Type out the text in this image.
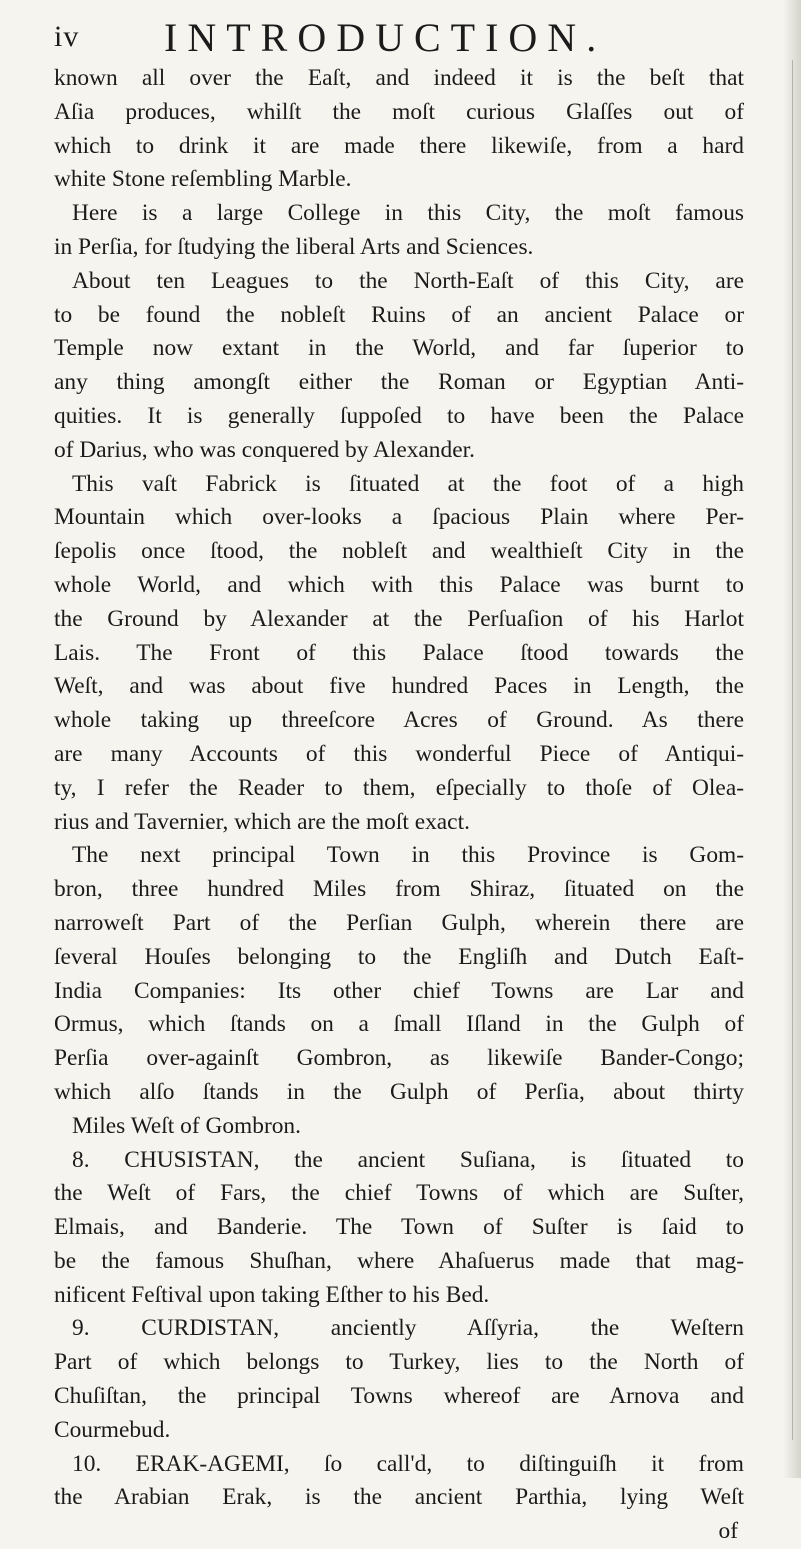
iv INTRODUCTION.
known all over the Eaſt, and indeed it is the beſt that
Aſia produces, whilſt the moſt curious Glaſſes out of
which to drink it are made there likewiſe, from a hard
white Stone reſembling Marble.
Here is a large College in this City, the moſt famous
in Perſia, for ſtudying the liberal Arts and Sciences.
About ten Leagues to the North-Eaſt of this City, are
to be found the nobleſt Ruins of an ancient Palace or
Temple now extant in the World, and far ſuperior to
any thing amongſt either the Roman or Egyptian Anti-
quities. It is generally ſuppoſed to have been the Palace
of Darius, who was conquered by Alexander.
This vaſt Fabrick is ſituated at the foot of a high
Mountain which over-looks a ſpacious Plain where Per-
ſepolis once ſtood, the nobleſt and wealthieſt City in the
whole World, and which with this Palace was burnt to
the Ground by Alexander at the Perſuaſion of his Harlot
Lais. The Front of this Palace ſtood towards the
Weſt, and was about five hundred Paces in Length, the
whole taking up threeſcore Acres of Ground. As there
are many Accounts of this wonderful Piece of Antiqui-
ty, I refer the Reader to them, eſpecially to thoſe of Olea-
rius and Tavernier, which are the moſt exact.
The next principal Town in this Province is Gom-
bron, three hundred Miles from Shiraz, ſituated on the
narroweſt Part of the Perſian Gulph, wherein there are
ſeveral Houſes belonging to the Engliſh and Dutch Eaſt-
India Companies: Its other chief Towns are Lar and
Ormus, which ſtands on a ſmall Iſland in the Gulph of
Perſia over-againſt Gombron, as likewiſe Bander-Congo;
which alſo ſtands in the Gulph of Perſia, about thirty
Miles Weſt of Gombron.
8. CHUSISTAN, the ancient Suſiana, is ſituated to
the Weſt of Fars, the chief Towns of which are Suſter,
Elmais, and Banderie. The Town of Suſter is ſaid to
be the famous Shuſhan, where Ahaſuerus made that mag-
nificent Feſtival upon taking Eſther to his Bed.
9. CURDISTAN, anciently Aſſyria, the Weſtern
Part of which belongs to Turkey, lies to the North of
Chuſiſtan, the principal Towns whereof are Arnova and
Courmebud.
10. ERAK-AGEMI, ſo call'd, to diſtinguiſh it from
the Arabian Erak, is the ancient Parthia, lying Weſt
of
